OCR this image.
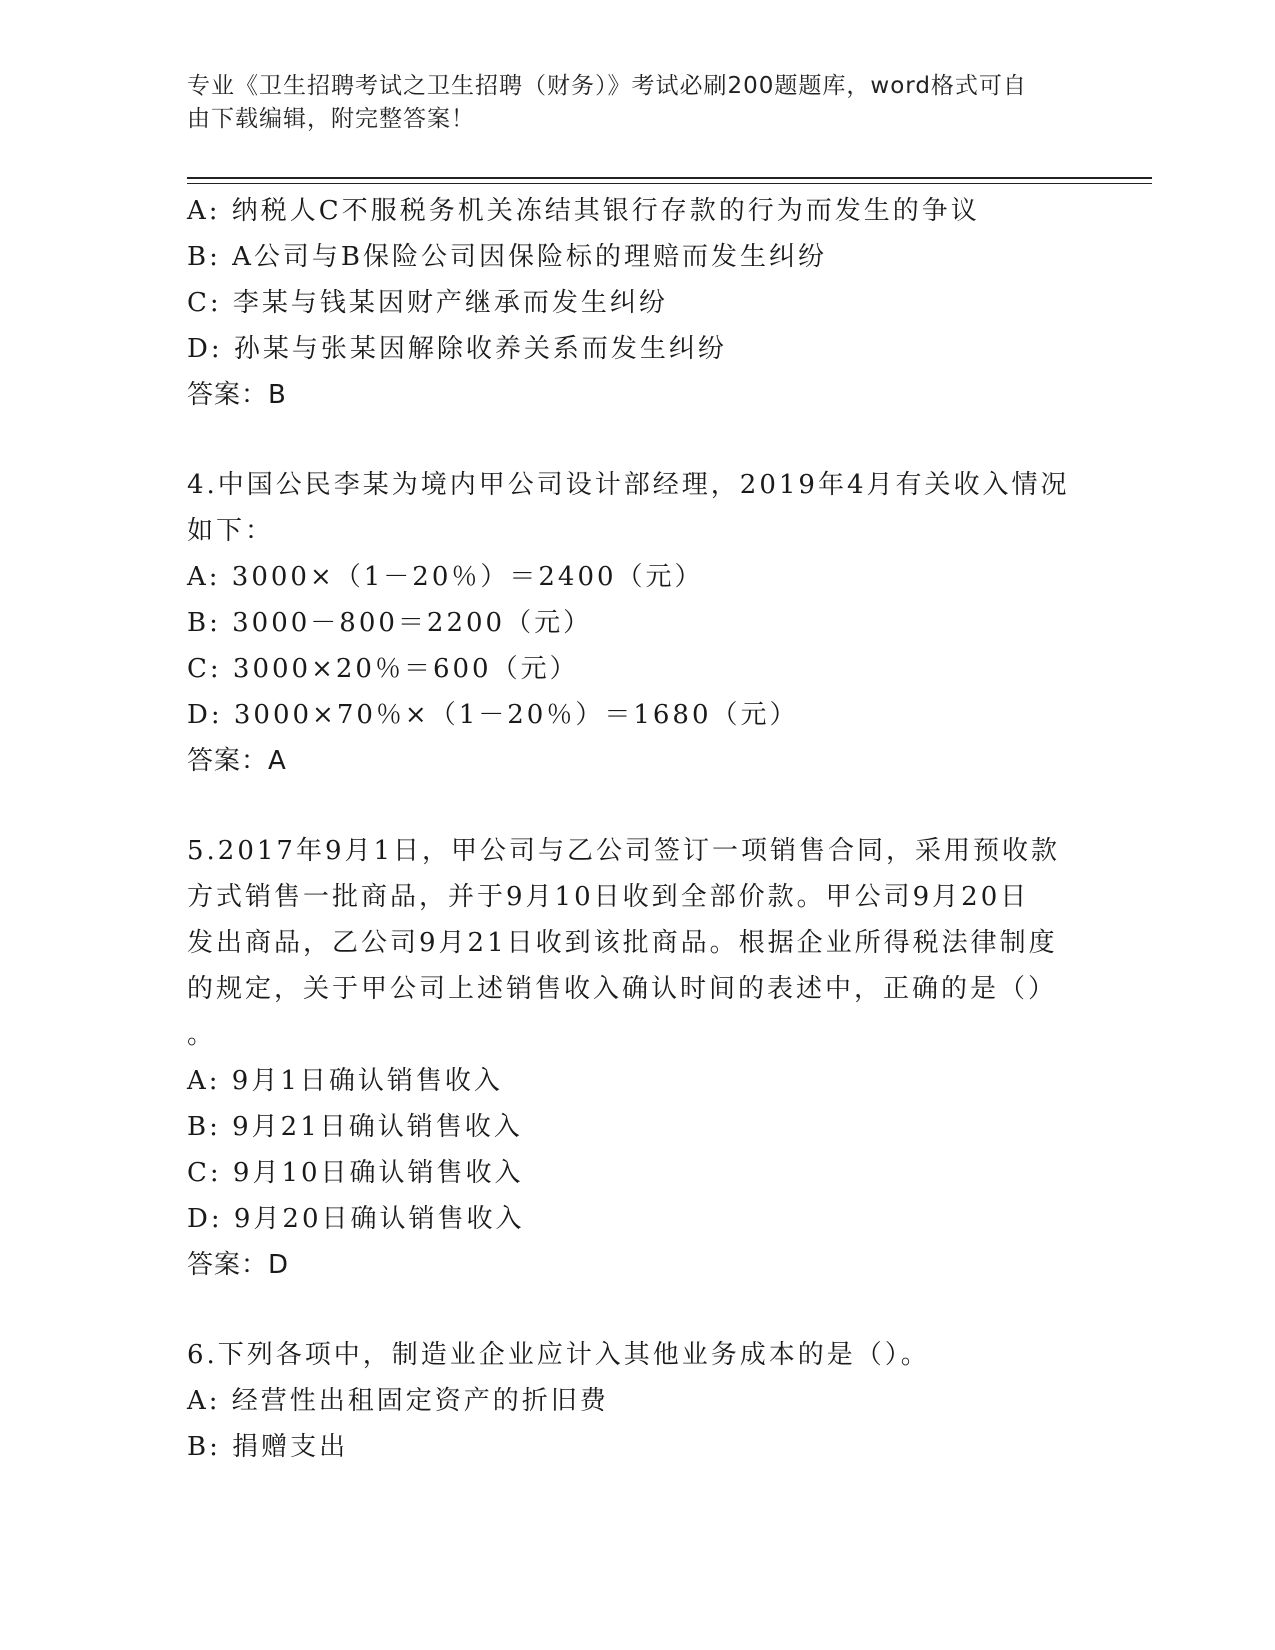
专业《卫生招聘考试之卫生招聘（财务）》考试必刷200题题库，word格式可自
由下载编辑，附完整答案！
A: 纳税人C不服税务机关冻结其银行存款的行为而发生的争议
B: A公司与B保险公司因保险标的理赔而发生纠纷
C: 李某与钱某因财产继承而发生纠纷
D: 孙某与张某因解除收养关系而发生纠纷
答案：B
4.中国公民李某为境内甲公司设计部经理，2019年4月有关收入情况
如下：
A: 3000×（1－20％）＝2400（元）
B: 3000－800＝2200（元）
C: 3000×20％＝600（元）
D: 3000×70％×（1－20％）＝1680（元）
答案：A
5.2017年9月1日，甲公司与乙公司签订一项销售合同，采用预收款
方式销售一批商品，并于9月10日收到全部价款。甲公司9月20日
发出商品，乙公司9月21日收到该批商品。根据企业所得税法律制度
的规定，关于甲公司上述销售收入确认时间的表述中，正确的是（）
。
A: 9月1日确认销售收入
B: 9月21日确认销售收入
C: 9月10日确认销售收入
D: 9月20日确认销售收入
答案：D
6.下列各项中，制造业企业应计入其他业务成本的是（）。
A: 经营性出租固定资产的折旧费
B: 捐赠支出
